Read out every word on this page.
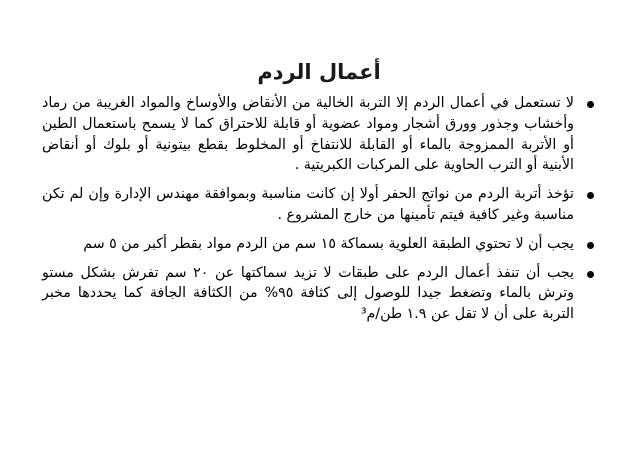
أعمال الردم
لا تستعمل في أعمال الردم إلا التربة الخالية من الأنقاض والأوساخ والمواد الغريبة من رماد وأخشاب وجذور وورق أشجار ومواد عضوية أو قابلة للاحتراق كما لا يسمح باستعمال الطين أو الأتربة الممزوجة بالماء أو القابلة للانتفاخ أو المخلوط بقطع بيتونية أو بلوك أو أنقاض الأبنية أو الترب الحاوية على المركبات الكبريتية .
تؤخذ أتربة الردم من نواتج الحفر أولا إن كانت مناسبة وبموافقة مهندس الإدارة وإن لم تكن مناسبة وغير كافية فيتم تأمينها من خارج المشروع .
يجب أن لا تحتوي الطبقة العلوية بسماكة ١٥ سم من الردم مواد بقطر أكبر من ٥ سم
يجب أن تنفذ أعمال الردم على طبقات لا تزيد سماكتها عن ٢٠ سم تفرش بشكل مستو وترش بالماء وتضغط جيدا للوصول إلى كثافة ٩٥% من الكثافة الجافة كما يحددها مخبر التربة على أن لا تقل عن ١.٩ طن/م³
